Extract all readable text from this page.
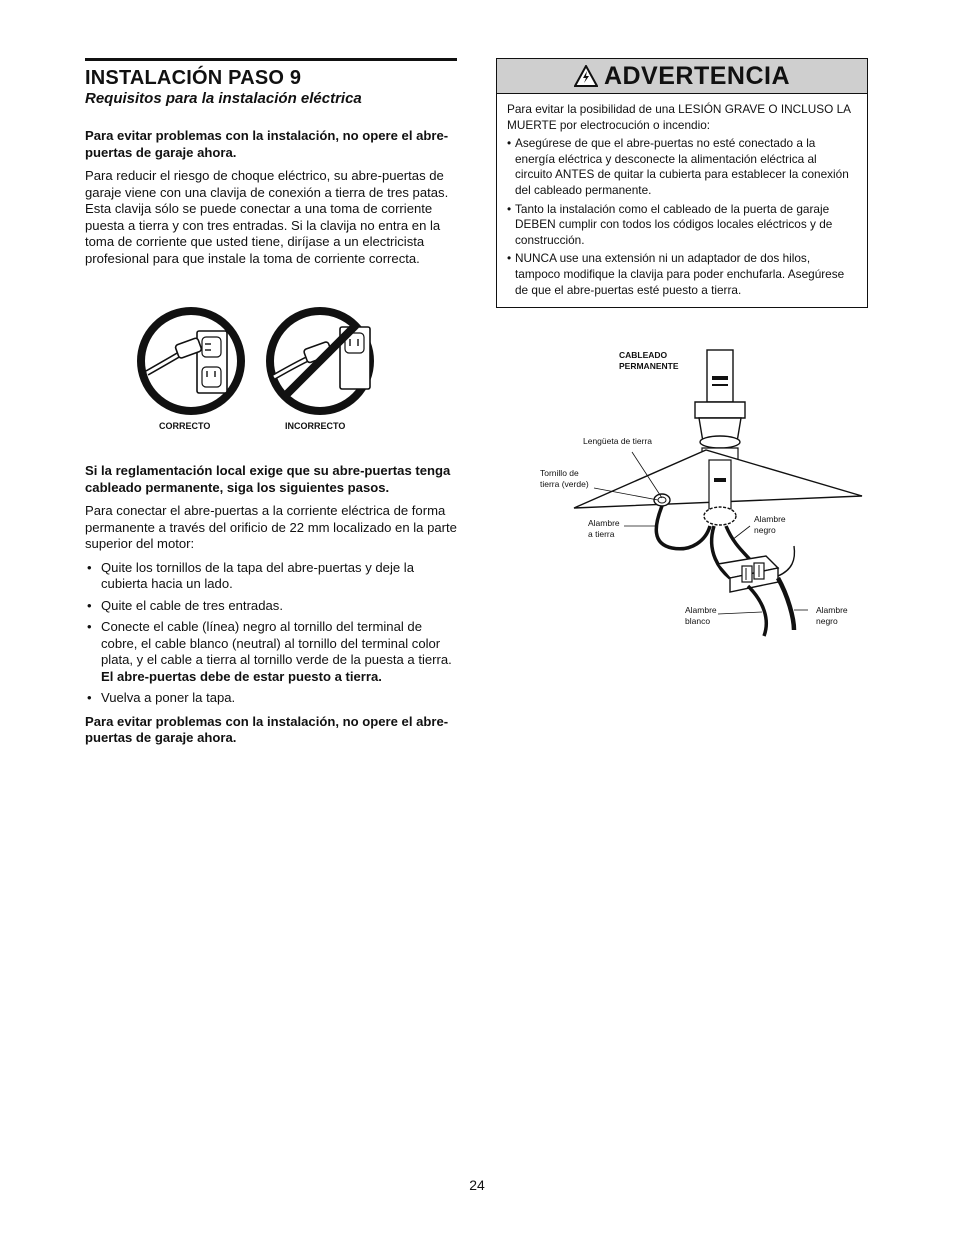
INSTALACIÓN PASO 9
Requisitos para la instalación eléctrica

Para evitar problemas con la instalación, no opere el abre-puertas de garaje ahora.

Para reducir el riesgo de choque eléctrico, su abre-puertas de garaje viene con una clavija de conexión a tierra de tres patas. Esta clavija sólo se puede conectar a una toma de corriente puesta a tierra y con tres entradas. Si la clavija no entra en la toma de corriente que usted tiene, diríjase a un electricista profesional para que instale la toma de corriente correcta.

CORRECTO	INCORRECTO

Si la reglamentación local exige que su abre-puertas tenga cableado permanente, siga los siguientes pasos.

Para conectar el abre-puertas a la corriente eléctrica de forma permanente a través del orificio de 22 mm localizado en la parte superior del motor:

• Quite los tornillos de la tapa del abre-puertas y deje la cubierta hacia un lado.
• Quite el cable de tres entradas.
• Conecte el cable (línea) negro al tornillo del terminal de cobre, el cable blanco (neutral) al tornillo del terminal color plata, y el cable a tierra al tornillo verde de la puesta a tierra. El abre-puertas debe de estar puesto a tierra.
• Vuelva a poner la tapa.

Para evitar problemas con la instalación, no opere el abre-puertas de garaje ahora.

ADVERTENCIA

Para evitar la posibilidad de una LESIÓN GRAVE O INCLUSO LA MUERTE por electrocución o incendio:

• Asegúrese de que el abre-puertas no esté conectado a la energía eléctrica y desconecte la alimentación eléctrica al circuito ANTES de quitar la cubierta para establecer la conexión del cableado permanente.
• Tanto la instalación como el cableado de la puerta de garaje DEBEN cumplir con todos los códigos locales eléctricos y de construcción.
• NUNCA use una extensión ni un adaptador de dos hilos, tampoco modifique la clavija para poder enchufarla. Asegúrese de que el abre-puertas esté puesto a tierra.
CABLEADO
PERMANENTE
Lengüeta de tierra
Tornillo de
tierra (verde)
Alambre
a tierra
Alambre
negro
Alambre
blanco
Alambre
negro
24
